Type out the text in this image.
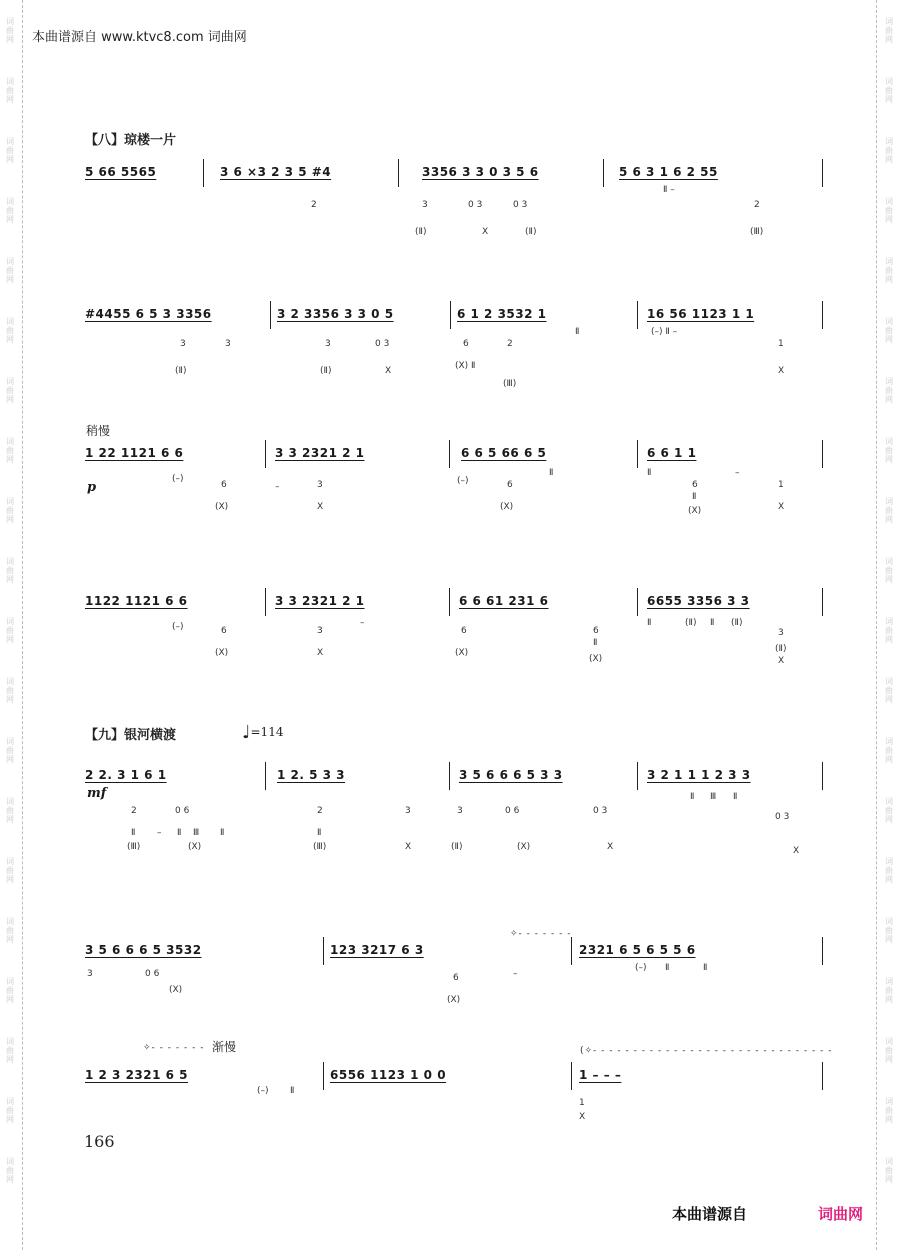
词
曲
网
词
曲
网
词
曲
网
词
曲
网
词
曲
网
词
曲
网
词
曲
网
词
曲
网
词
曲
网
词
曲
网
词
曲
网
词
曲
网
词
曲
网
词
曲
网
词
曲
网
词
曲
网
词
曲
网
词
曲
网
词
曲
网
词
曲
网
词
曲
网
词
曲
网
词
曲
网
词
曲
网
词
曲
网
词
曲
网
词
曲
网
词
曲
网
词
曲
网
词
曲
网
词
曲
网
词
曲
网
词
曲
网
词
曲
网
词
曲
网
词
曲
网
词
曲
网
词
曲
网
词
曲
网
词
曲
网
本曲谱源自 www.ktvc8.com 词曲网
【八】琼楼一片
5 66 5565	3 6 ×3 2 3 5 #4	3356 3 3 0 3 5 6	5 6 3 1 6 2 55
2	3	0 3	0 3	2
(Ⅱ)	X	(Ⅱ)	(Ⅲ)
Ⅱ –
#4455 6 5 3 3356	3 2 3356 3 3 0 5	6 1 2 3532 1	16 56 1123 1 1
3	3	3	0 3	6	2
(Ⅱ)	(Ⅱ)	X	(X) Ⅱ
(Ⅲ)
(–) Ⅱ –
Ⅱ
1
X
稍慢
1 22 1121 6 6	3 3 2321 2 1	6 6 5 66 6 5	6 6 1 1
p
(–)
6
(X)
–	3
X
(–)	6
(X)
Ⅱ	Ⅱ
6
Ⅱ
(X)
–
1
X
1122 1121 6 6	3 3 2321 2 1	6 6 61 231 6	6655 3356 3 3
(–)	6
(X)
3
X
–
6
(X)
6
Ⅱ
(X)
Ⅱ	(Ⅱ) Ⅱ (Ⅱ)
3
(Ⅱ)
X
【九】银河横渡	♩=114
2 2. 3 1 6 1	1 2. 5 3 3	3 5 6 6 6 5 3 3	3 2 1 1 1 2 3 3
mf
2	0 6
Ⅱ – Ⅱ Ⅲ Ⅱ
(Ⅲ)	(X)
2
Ⅱ
(Ⅲ)
3	3	0 6	0 3
X	(Ⅱ)	(X)	X
Ⅱ Ⅲ Ⅱ
0 3
X
3 5 6 6 6 5 3532	123 3217 6 3	2321 6 5 6 5 5 6
✧- - - - - - -
3	0 6
(X)
6
(X)
–
(–) Ⅱ	Ⅱ
✧- - - - - - - 渐慢	(✧- - - - - - - - - - - - - - - - - - - - - - - - - - - - - -
1 2 3 2321 6 5	6556 1123 1 0 0	1 – – –
(–) Ⅱ
1
X
166
本曲谱源自	词曲网
